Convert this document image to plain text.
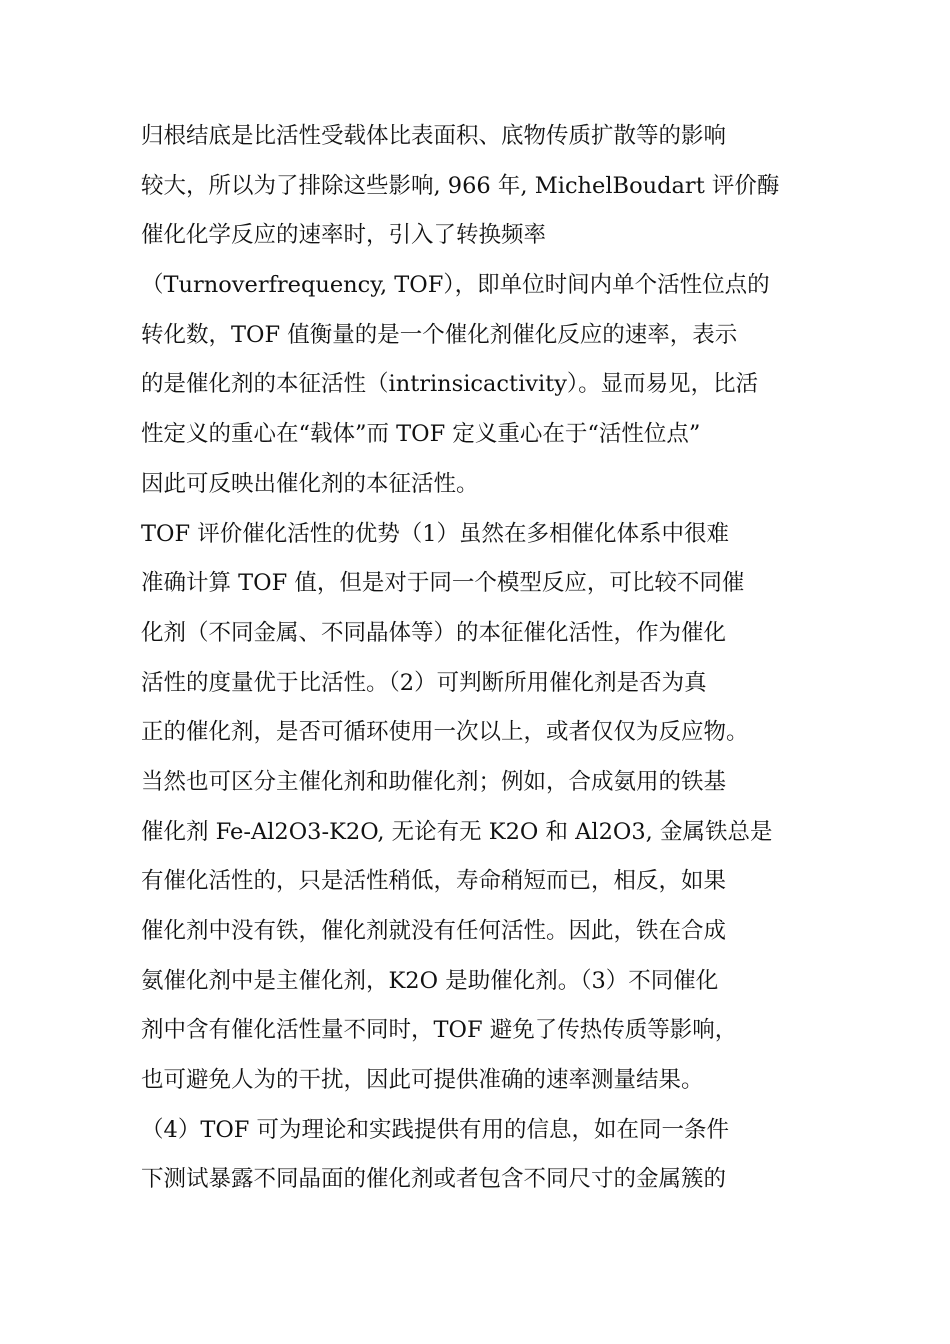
归根结底是比活性受载体比表面积、底物传质扩散等的影响
较大，所以为了排除这些影响, 966 年, MichelBoudart 评价酶
催化化学反应的速率时，引入了转换频率
（Turnoverfrequency, TOF），即单位时间内单个活性位点的
转化数，TOF 值衡量的是一个催化剂催化反应的速率，表示
的是催化剂的本征活性（intrinsicactivity）。显而易见，比活
性定义的重心在“载体”而 TOF 定义重心在于“活性位点”
因此可反映出催化剂的本征活性。
TOF 评价催化活性的优势（1）虽然在多相催化体系中很难
准确计算 TOF 值，但是对于同一个模型反应，可比较不同催
化剂（不同金属、不同晶体等）的本征催化活性，作为催化
活性的度量优于比活性。（2）可判断所用催化剂是否为真
正的催化剂，是否可循环使用一次以上，或者仅仅为反应物。
当然也可区分主催化剂和助催化剂；例如，合成氨用的铁基
催化剂 Fe-Al2O3-K2O, 无论有无 K2O 和 Al2O3, 金属铁总是
有催化活性的，只是活性稍低，寿命稍短而已，相反，如果
催化剂中没有铁，催化剂就没有任何活性。因此，铁在合成
氨催化剂中是主催化剂，K2O 是助催化剂。（3）不同催化
剂中含有催化活性量不同时，TOF 避免了传热传质等影响，
也可避免人为的干扰，因此可提供准确的速率测量结果。
（4）TOF 可为理论和实践提供有用的信息，如在同一条件
下测试暴露不同晶面的催化剂或者包含不同尺寸的金属簇的
